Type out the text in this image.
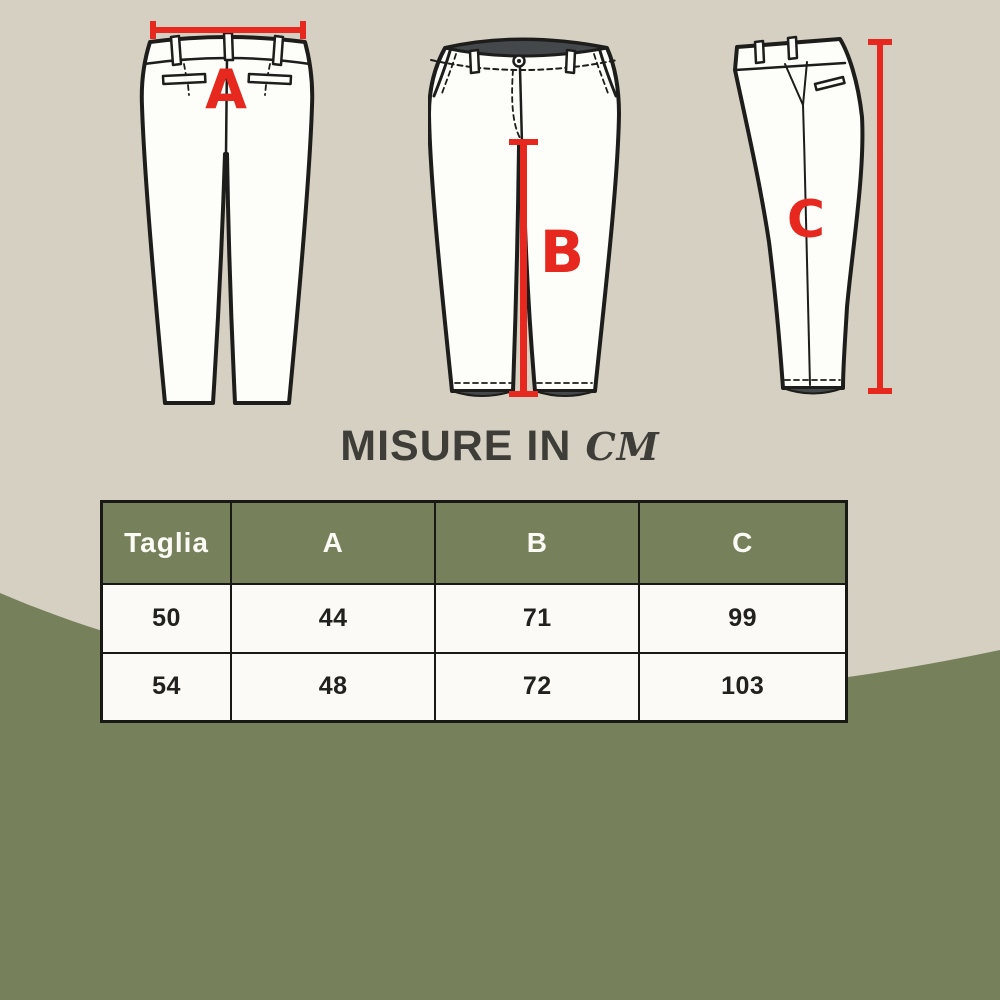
A
B	C
MISURE IN CM
Taglia	A	B	C
50	44	71	99
54	48	72	103
